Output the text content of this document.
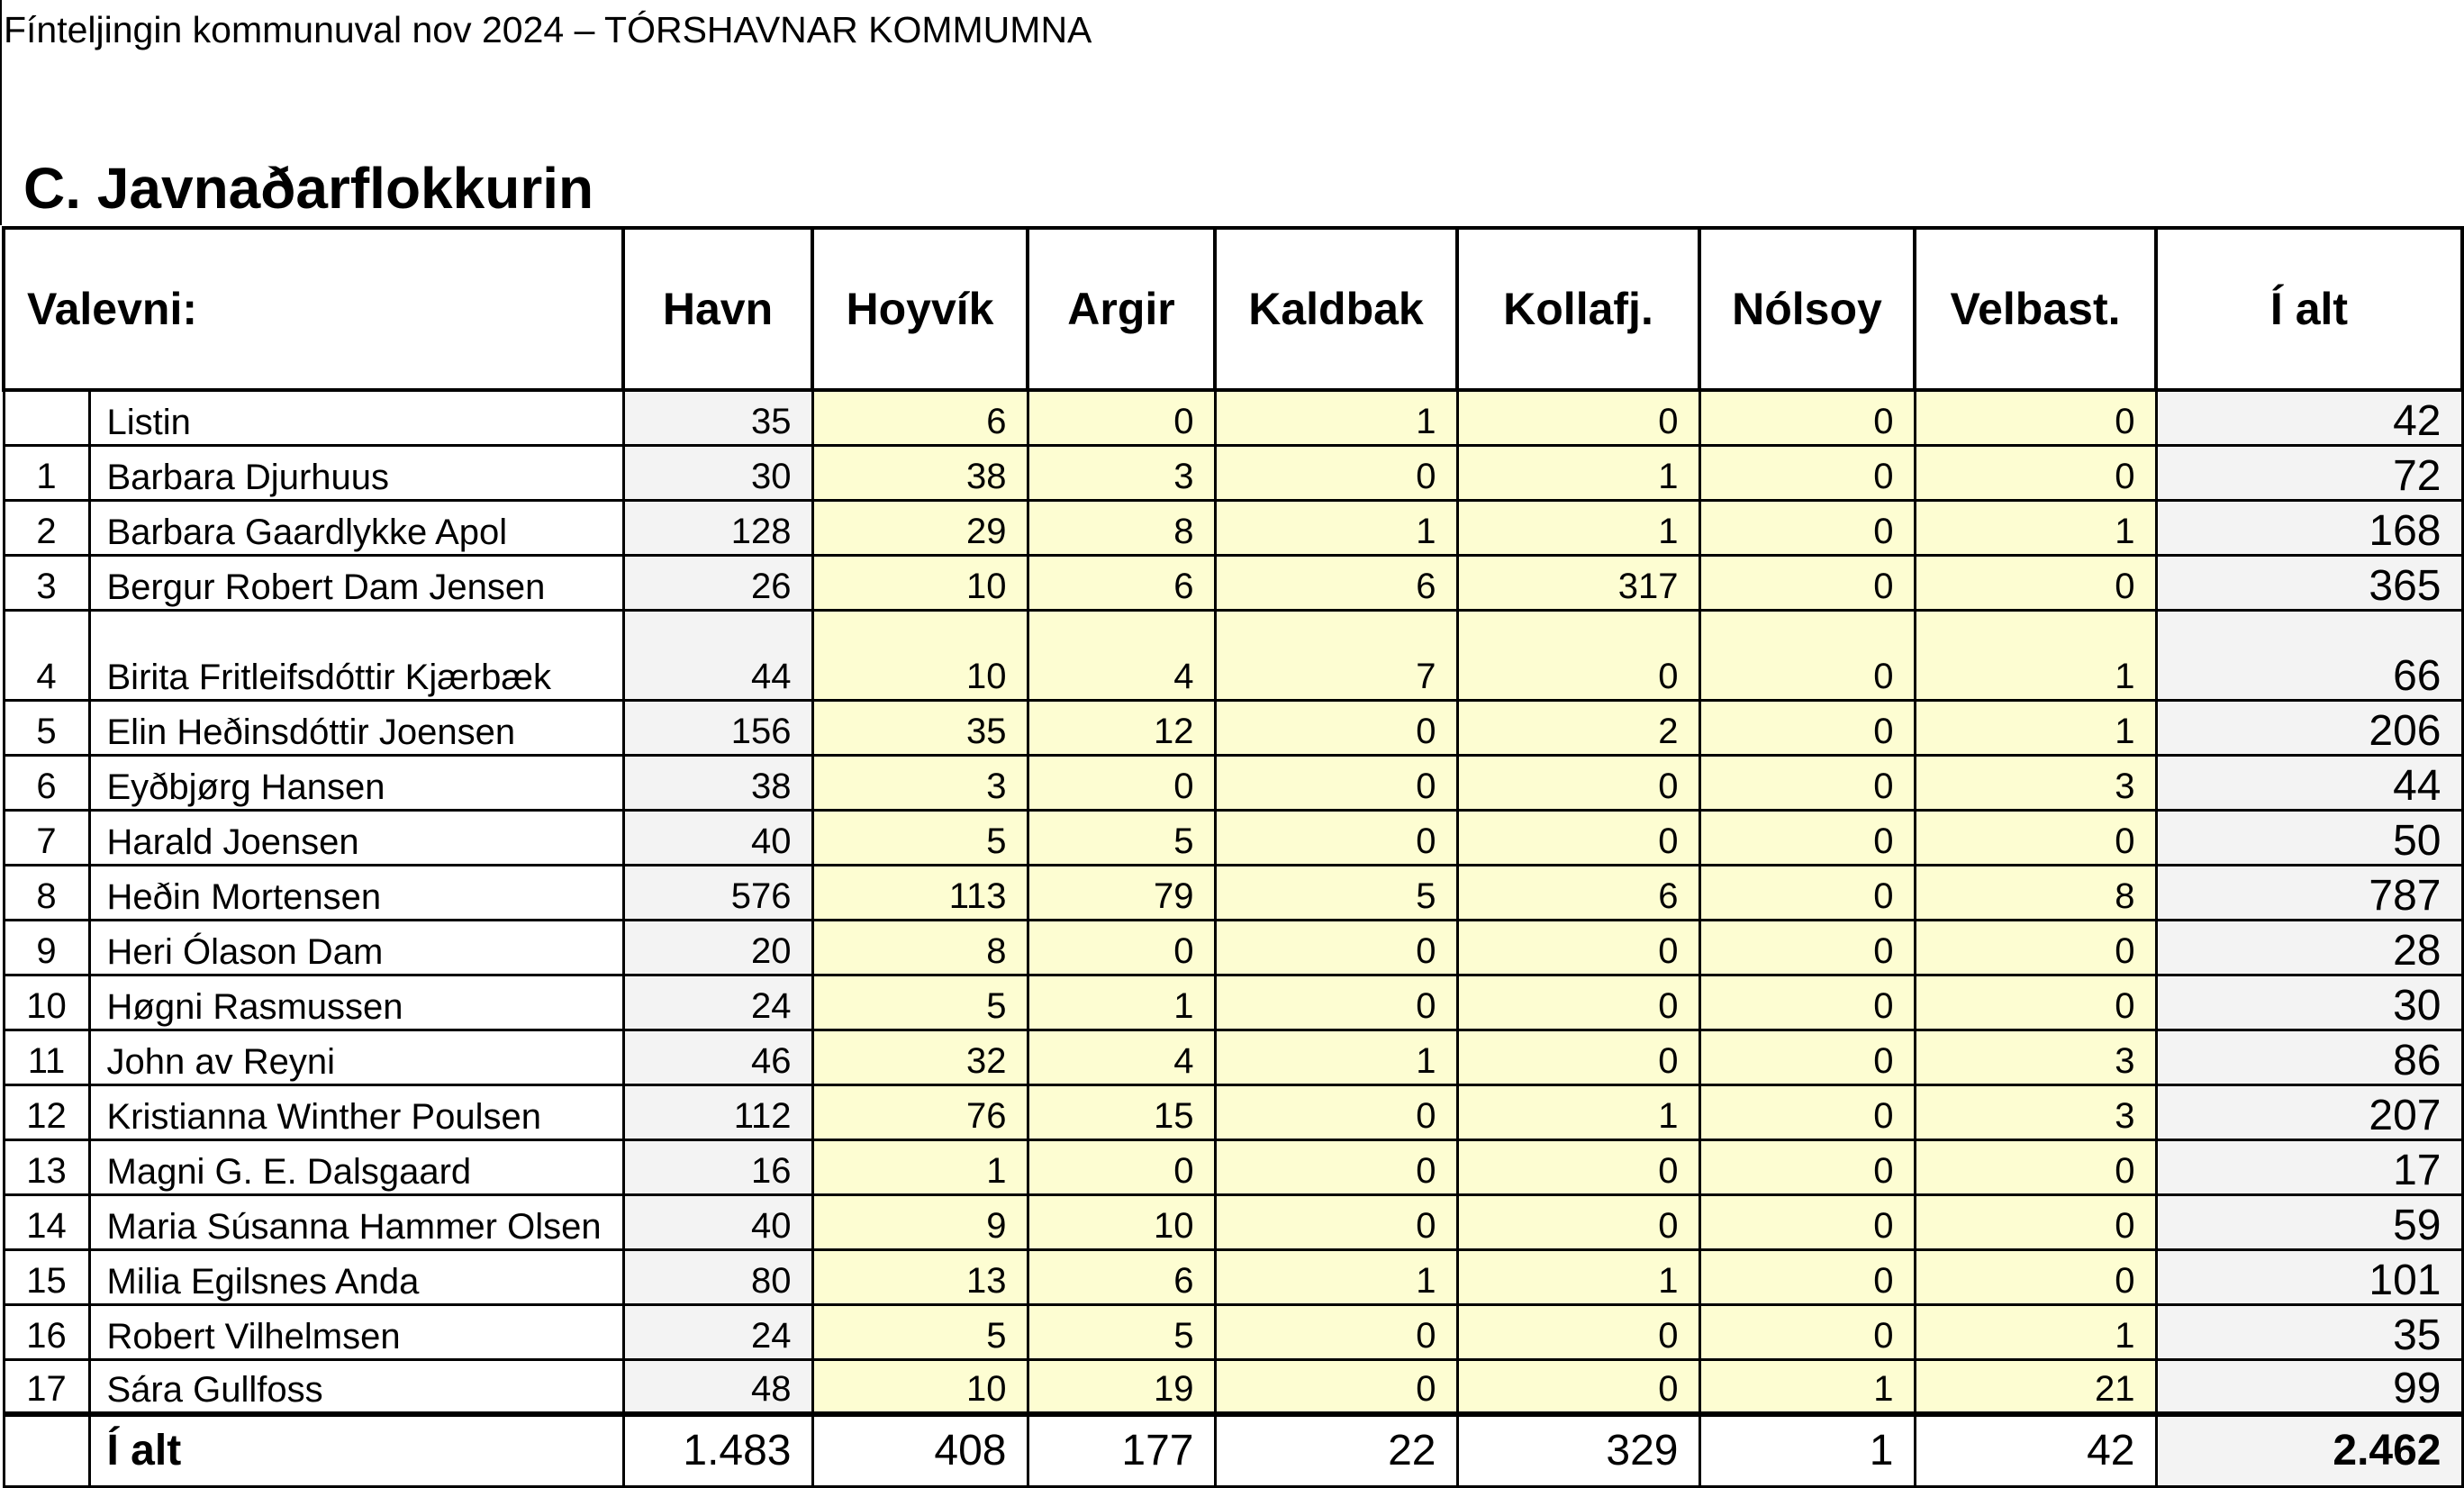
Fínteljingin kommunuval nov 2024 – TÓRSHAVNAR KOMMUMNA
C. Javnaðarflokkurin
Valevni:		Havn	Hoyvík	Argir	Kaldbak	Kollafj.	Nólsoy	Velbast.	Í alt
	Listin	35	6	0	1	0	0	0	42
1	Barbara Djurhuus	30	38	3	0	1	0	0	72
2	Barbara Gaardlykke Apol	128	29	8	1	1	0	1	168
3	Bergur Robert Dam Jensen	26	10	6	6	317	0	0	365
4	Birita Fritleifsdóttir Kjærbæk	44	10	4	7	0	0	1	66
5	Elin Heðinsdóttir Joensen	156	35	12	0	2	0	1	206
6	Eyðbjørg Hansen	38	3	0	0	0	0	3	44
7	Harald Joensen	40	5	5	0	0	0	0	50
8	Heðin Mortensen	576	113	79	5	6	0	8	787
9	Heri Ólason Dam	20	8	0	0	0	0	0	28
10	Høgni Rasmussen	24	5	1	0	0	0	0	30
11	John av Reyni	46	32	4	1	0	0	3	86
12	Kristianna Winther Poulsen	112	76	15	0	1	0	3	207
13	Magni G. E. Dalsgaard	16	1	0	0	0	0	0	17
14	Maria Súsanna Hammer Olsen	40	9	10	0	0	0	0	59
15	Milia Egilsnes Anda	80	13	6	1	1	0	0	101
16	Robert Vilhelmsen	24	5	5	0	0	0	1	35
17	Sára Gullfoss	48	10	19	0	0	1	21	99
	Í alt	1.483	408	177	22	329	1	42	2.462
